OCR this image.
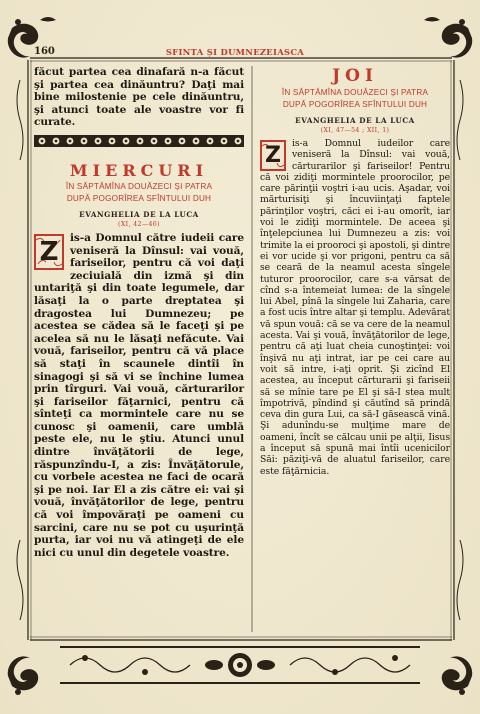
160	SFINTA ȘI DUMNEZEIASCA

făcut partea cea dinafară n-a făcut şi partea cea dinăuntru? Daţi mai bine milostenie pe cele dinăuntru, şi atunci toate ale voastre vor fi curate.

MIERCURI
ÎN SĂPTĂMÎNA DOUĂZECI ȘI PATRA
DUPĂ POGORÎREA SFÎNTULUI DUH
EVANGHELIA DE LA LUCA
(XI, 42—46)
Z	is-a Domnul către iudeii care veniseră la Dînsul: vai vouă, fariseilor, pentru că voi daţi zeciuială din izmă şi din untariţă şi din toate legumele, dar lăsaţi la o parte dreptatea şi dragostea lui Dumnezeu; pe acestea se cădea să le faceţi şi pe acelea să nu le lăsaţi nefăcute. Vai vouă, fariseilor, pentru că vă place să staţi în scaunele dintîi în sinagogi şi să vi se închine lumea prin tîrguri. Vai vouă, cărturarilor şi fariseilor făţarnici, pentru că sînteţi ca mormintele care nu se cunosc şi oamenii, care umblă peste ele, nu le ştiu. Atunci unul dintre învăţătorii de lege, răspunzîndu-I, a zis: Învăţătorule, cu vorbele acestea ne faci de ocară şi pe noi. Iar El a zis către ei: vai şi vouă, învăţătorilor de lege, pentru că voi împovăraţi pe oameni cu sarcini, care nu se pot cu uşurinţă purta, iar voi nu vă atingeţi de ele nici cu unul din degetele voastre.

JOI
ÎN SĂPTĂMÎNA DOUĂZECI ȘI PATRA
DUPĂ POGORÎREA SFÎNTULUI DUH
EVANGHELIA DE LA LUCA
(XI, 47—54 ; XII, 1)
Z	is-a Domnul iudeilor care veniseră la Dînsul: vai vouă, cărturarilor şi fariseilor! Pentru că voi zidiţi mormintele proorocilor, pe care părinţii voştri i-au ucis. Aşadar, voi mărturisiţi şi încuviinţaţi faptele părinţilor voştri, căci ei i-au omorît, iar voi le zidiţi mormintele. De aceea şi înţelepciunea lui Dumnezeu a zis: voi trimite la ei prooroci şi apostoli, şi dintre ei vor ucide şi vor prigoni, pentru ca să se ceară de la neamul acesta sîngele tuturor proorocilor, care s-a vărsat de cînd s-a întemeiat lumea: de la sîngele lui Abel, pînă la sîngele lui Zaharia, care a fost ucis între altar şi templu. Adevărat vă spun vouă: că se va cere de la neamul acesta. Vai şi vouă, învăţătorilor de lege, pentru că aţi luat cheia cunoştinţei: voi înşivă nu aţi intrat, iar pe cei care au voit să intre, i-aţi oprit. Şi zicînd El acestea, au început cărturarii şi fariseii să se mînie tare pe El şi să-I stea mult împotrivă, pîndind şi căutînd să prindă ceva din gura Lui, ca să-I găsească vină. Şi adunîndu-se mulţime mare de oameni, încît se călcau unii pe alţii, Iisus a început să spună mai întîi ucenicilor Săi: păziţi-vă de aluatul fariseilor, care este făţărnicia.
